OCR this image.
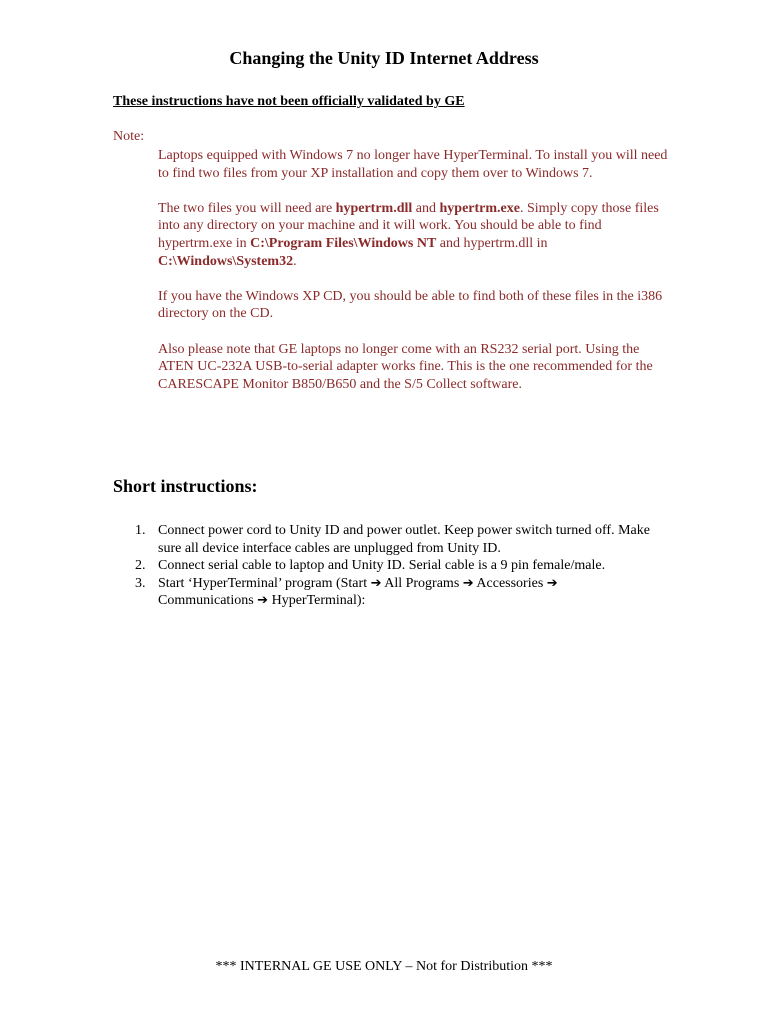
Changing the Unity ID Internet Address
These instructions have not been officially validated by GE
Note:

Laptops equipped with Windows 7 no longer have HyperTerminal. To install you will need to find two files from your XP installation and copy them over to Windows 7.

The two files you will need are hypertrm.dll and hypertrm.exe. Simply copy those files into any directory on your machine and it will work. You should be able to find hypertrm.exe in C:\Program Files\Windows NT and hypertrm.dll in C:\Windows\System32.

If you have the Windows XP CD, you should be able to find both of these files in the i386 directory on the CD.

Also please note that GE laptops no longer come with an RS232 serial port. Using the ATEN UC-232A USB-to-serial adapter works fine. This is the one recommended for the CARESCAPE Monitor B850/B650 and the S/5 Collect software.

Short instructions:
1. Connect power cord to Unity ID and power outlet. Keep power switch turned off. Make sure all device interface cables are unplugged from Unity ID.
2. Connect serial cable to laptop and Unity ID. Serial cable is a 9 pin female/male.
3. Start ‘HyperTerminal’ program (Start ➔ All Programs ➔ Accessories ➔
Communications ➔ HyperTerminal):
*** INTERNAL GE USE ONLY – Not for Distribution ***
